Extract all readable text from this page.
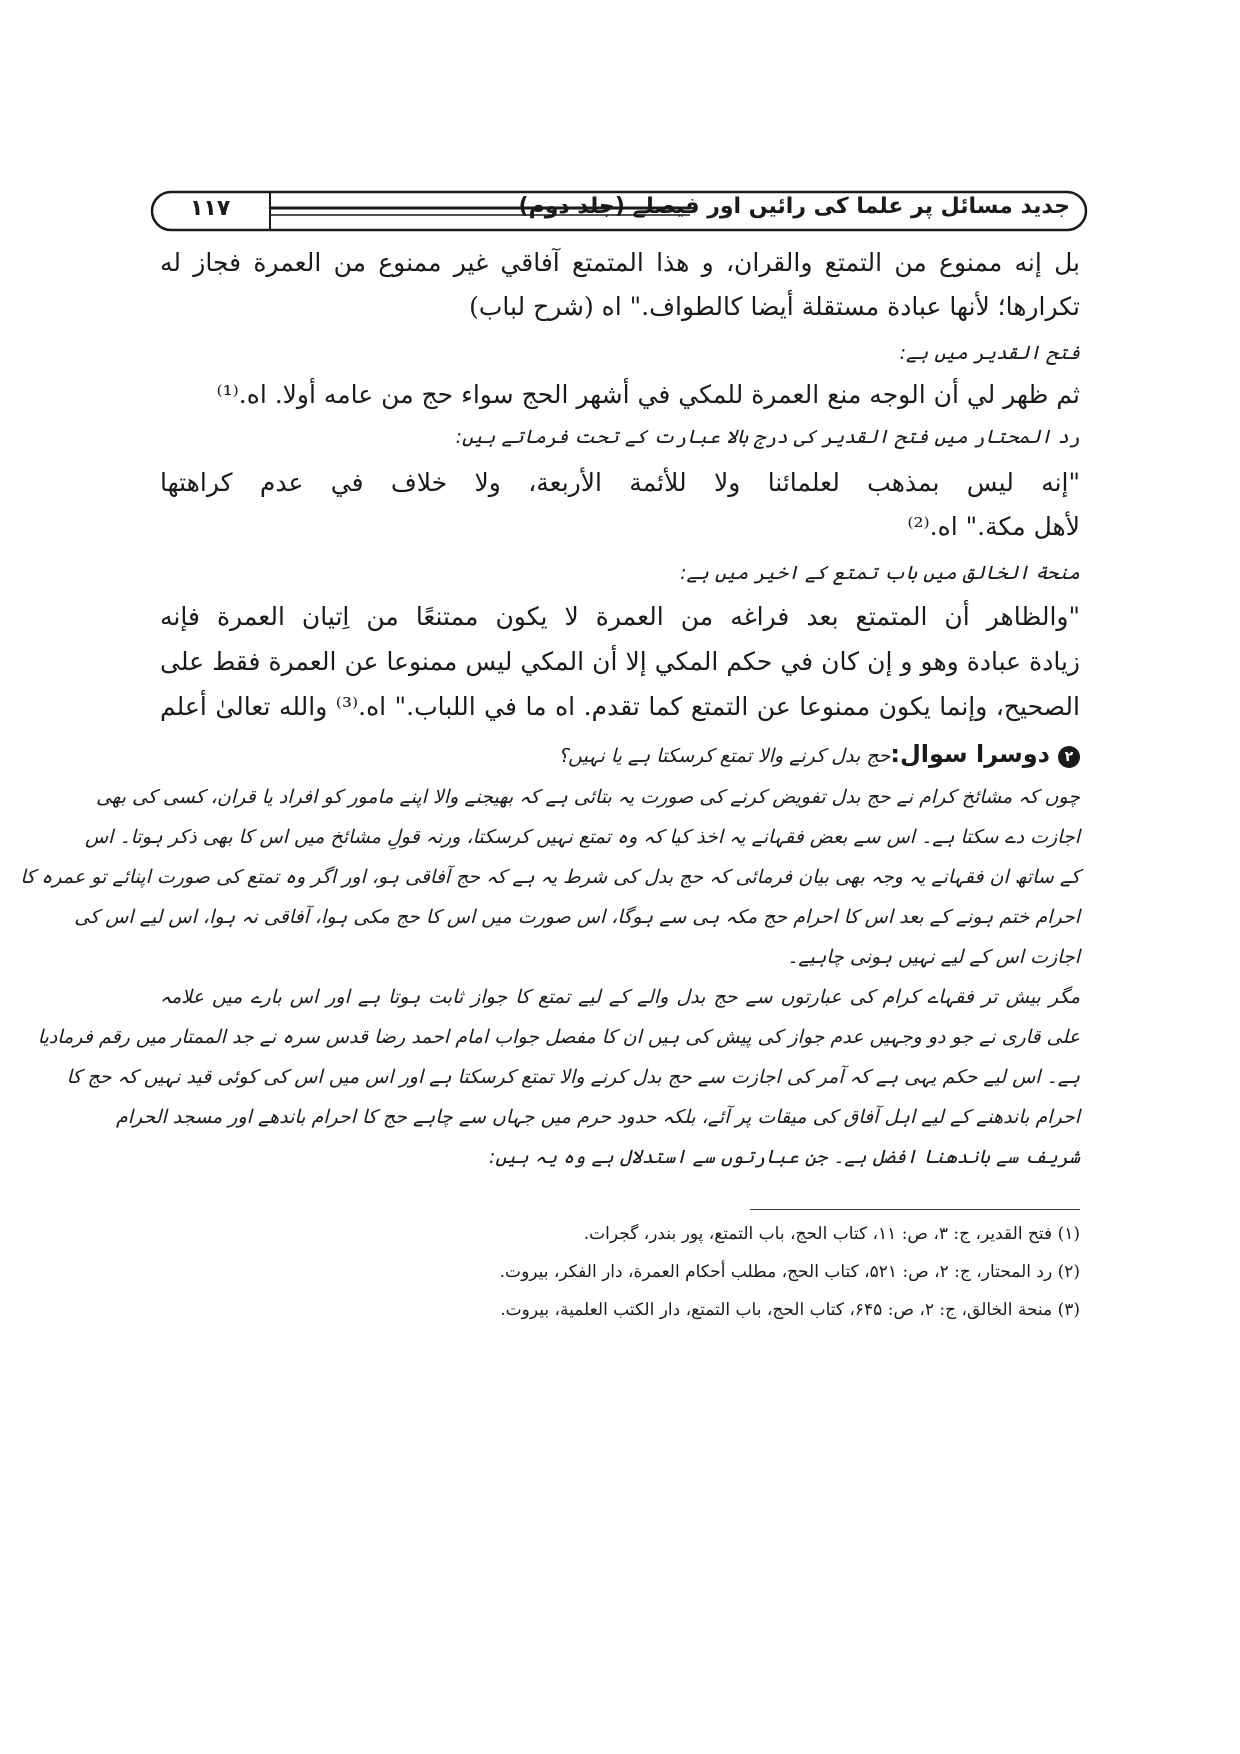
جدید مسائل پر علما کی رائیں اور فیصلے (جلد دوم)
۱۱۷
بل إنه ممنوع من التمتع والقران، و هذا المتمتع آفاقي غير ممنوع من العمرة فجاز له
تكرارها؛ لأنها عبادة مستقلة أيضا كالطواف." اه (شرح لباب)
فتح القدیر میں ہے:
ثم ظهر لي أن الوجه منع العمرة للمكي في أشهر الحج سواء حج من عامه أولا. اه.⁽¹⁾
رد المحتار میں فتح القدیر کی درج بالا عبارت کے تحت فرماتے ہیں:
"إنه ليس بمذهب لعلمائنا ولا للأئمة الأربعة، ولا خلاف في عدم كراهتها
لأهل مكة." اه.⁽²⁾
منحة الخالق میں باب تمتع کے اخیر میں ہے:
"والظاهر أن المتمتع بعد فراغه من العمرة لا يكون ممتنعًا من اِتيان العمرة فإنه
زيادة عبادة وهو و إن كان في حكم المكي إلا أن المكي ليس ممنوعا عن العمرة فقط على
الصحيح، وإنما يكون ممنوعا عن التمتع كما تقدم. اه ما في اللباب." اه.⁽³⁾ والله تعالىٰ أعلم
۲دوسرا سوال:حج بدل کرنے والا تمتع کرسکتا ہے یا نہیں؟
چوں کہ مشائخ کرام نے حج بدل تفویض کرنے کی صورت یہ بتائی ہے کہ بھیجنے والا اپنے مامور کو افراد یا قران، کسی کی بھی
اجازت دے سکتا ہے۔ اس سے بعض فقہانے یہ اخذ کیا کہ وہ تمتع نہیں کرسکتا، ورنہ قولِ مشائخ میں اس کا بھی ذکر ہوتا۔ اس
کے ساتھ ان فقہانے یہ وجہ بھی بیان فرمائی کہ حج بدل کی شرط یہ ہے کہ حج آفاقی ہو، اور اگر وہ تمتع کی صورت اپنائے تو عمرہ کا
احرام ختم ہونے کے بعد اس کا احرام حج مکہ ہی سے ہوگا، اس صورت میں اس کا حج مکی ہوا، آفاقی نہ ہوا، اس لیے اس کی
اجازت اس کے لیے نہیں ہونی چاہیے۔
مگر بیش تر فقہاے کرام کی عبارتوں سے حج بدل والے کے لیے تمتع کا جواز ثابت ہوتا ہے اور اس بارے میں علامہ
علی قاری نے جو دو وجہیں عدم جواز کی پیش کی ہیں ان کا مفصل جواب امام احمد رضا قدس سرہ نے جد الممتار میں رقم فرمادیا
ہے۔ اس لیے حکم یہی ہے کہ آمر کی اجازت سے حج بدل کرنے والا تمتع کرسکتا ہے اور اس میں اس کی کوئی قید نہیں کہ حج کا
احرام باندھنے کے لیے اہل آفاق کی میقات پر آئے، بلکہ حدود حرم میں جہاں سے چاہے حج کا احرام باندھے اور مسجد الحرام
شریف سے باندھنا افضل ہے۔ جن عبارتوں سے استدلال ہے وہ یہ ہیں:
(۱) فتح القدير، ج: ۳، ص: ۱۱، كتاب الحج، باب التمتع، پور بندر، گجرات.
(۲) رد المحتار، ج: ۲، ص: ۵۲۱، كتاب الحج، مطلب أحكام العمرة، دار الفكر، بيروت.
(۳) منحة الخالق، ج: ۲، ص: ۶۴۵، كتاب الحج، باب التمتع، دار الكتب العلمية، بيروت.
